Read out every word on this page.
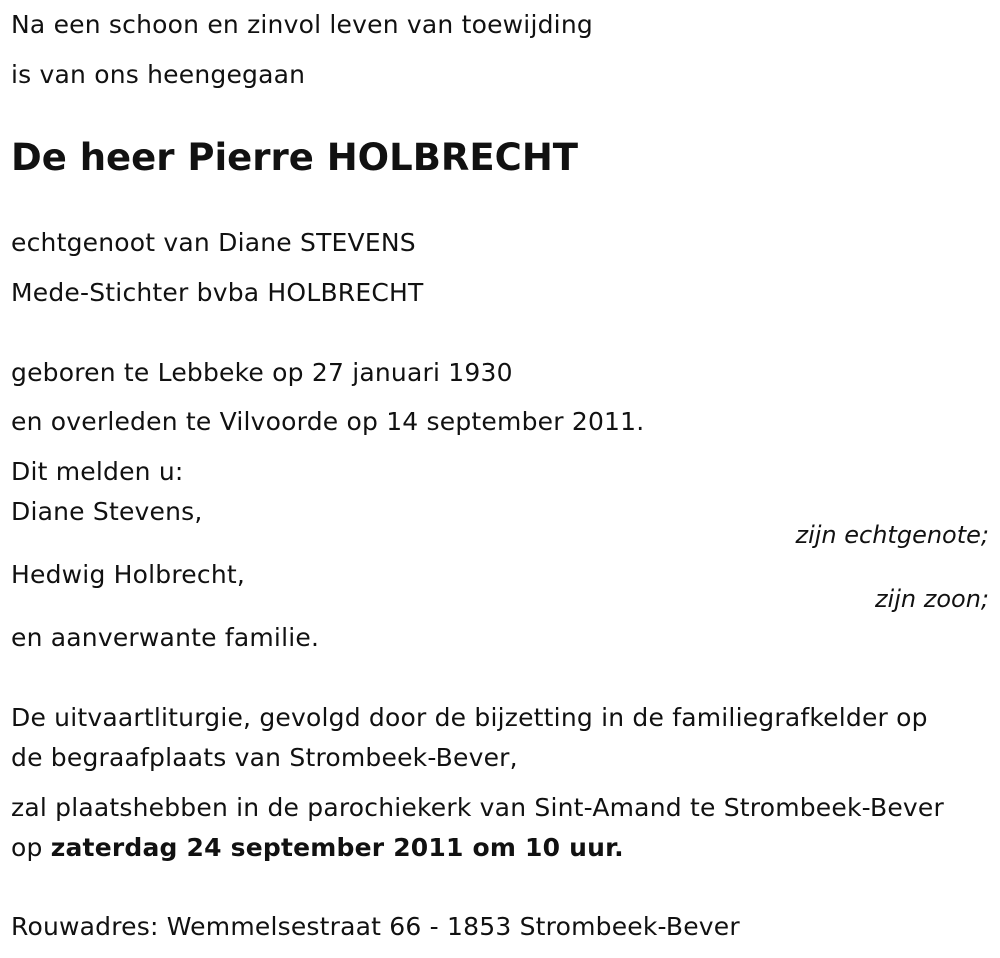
Na een schoon en zinvol leven van toewijding
is van ons heengegaan
De heer Pierre HOLBRECHT
echtgenoot van Diane STEVENS
Mede-Stichter bvba HOLBRECHT
geboren te Lebbeke op 27 januari 1930
en overleden te Vilvoorde op 14 september 2011.
Dit melden u:
Diane Stevens,
zijn echtgenote;
Hedwig Holbrecht,
zijn zoon;
en aanverwante familie.
De uitvaartliturgie, gevolgd door de bijzetting in de familiegrafkelder op
de begraafplaats van Strombeek-Bever,
zal plaatshebben in de parochiekerk van Sint-Amand te Strombeek-Bever
op zaterdag 24 september 2011 om 10 uur.
Rouwadres: Wemmelsestraat 66 - 1853 Strombeek-Bever
